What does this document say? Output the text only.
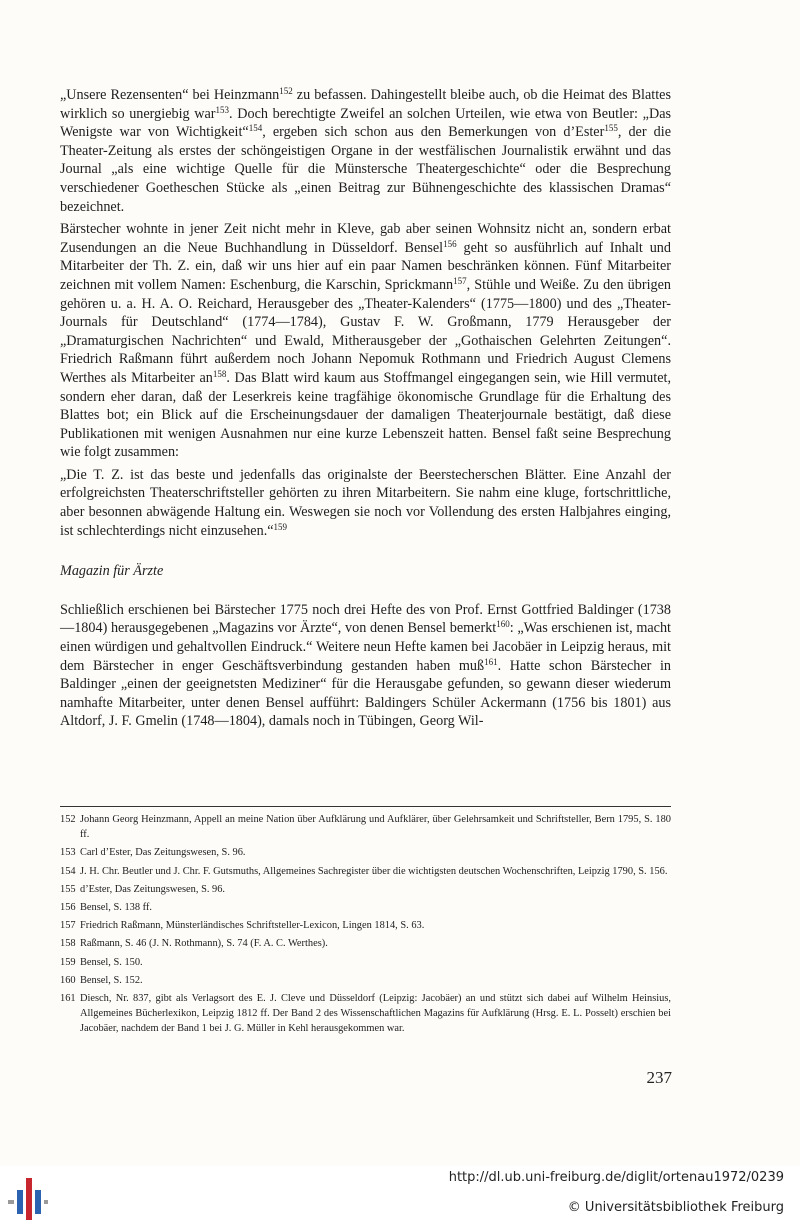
„Unsere Rezensenten“ bei Heinzmann$^{152}$ zu befassen. Dahingestellt bleibe auch, ob die Heimat des Blattes wirklich so unergiebig war$^{153}$. Doch berechtigte Zweifel an solchen Urteilen, wie etwa von Beutler: „Das Wenigste war von Wichtigkeit“$^{154}$, ergeben sich schon aus den Bemerkungen von d’Ester$^{155}$, der die Theater-Zeitung als erstes der schöngeistigen Organe in der westfälischen Journalistik erwähnt und das Journal „als eine wichtige Quelle für die Münstersche Theatergeschichte“ oder die Besprechung verschiedener Goetheschen Stücke als „einen Beitrag zur Bühnengeschichte des klassischen Dramas“ bezeichnet.

Bärstecher wohnte in jener Zeit nicht mehr in Kleve, gab aber seinen Wohnsitz nicht an, sondern erbat Zusendungen an die Neue Buchhandlung in Düsseldorf. Bensel$^{156}$ geht so ausführlich auf Inhalt und Mitarbeiter der Th. Z. ein, daß wir uns hier auf ein paar Namen beschränken können. Fünf Mitarbeiter zeichnen mit vollem Namen: Eschenburg, die Karschin, Sprickmann$^{157}$, Stühle und Weiße. Zu den übrigen gehören u. a. H. A. O. Reichard, Herausgeber des „Theater-Kalenders“ (1775—1800) und des „Theater-Journals für Deutschland“ (1774—1784), Gustav F. W. Großmann, 1779 Herausgeber der „Dramaturgischen Nachrichten“ und Ewald, Mitherausgeber der „Gothaischen Gelehrten Zeitungen“. Friedrich Raßmann führt außerdem noch Johann Nepomuk Rothmann und Friedrich August Clemens Werthes als Mitarbeiter $an^{158}$. Das Blatt wird kaum aus Stoffmangel eingegangen sein, wie Hill vermutet, sondern eher daran, daß der Leserkreis keine tragfähige ökonomische Grundlage für die Erhaltung des Blattes bot; ein Blick auf die Erscheinungsdauer der damaligen Theaterjournale bestätigt, daß diese Publikationen mit wenigen Ausnahmen nur eine kurze Lebenszeit hatten. Bensel faßt seine Besprechung wie folgt zusammen:

„Die T. Z. ist das beste und jedenfalls das originalste der Beerstecherschen Blätter. Eine Anzahl der erfolgreichsten Theaterschriftsteller gehörten zu ihren Mitarbeitern. Sie nahm eine kluge, fortschrittliche, aber besonnen abwägende Haltung ein. Weswegen sie noch vor Vollendung des ersten Halbjahres einging, ist schlechterdings nicht einzusehen.“$^{159}$

Magazin für Ärzte

Schließlich erschienen bei Bärstecher 1775 noch drei Hefte des von Prof. Ernst Gottfried Baldinger (1738—1804) herausgegebenen „Magazins vor Ärzte“, von denen Bensel bemerkt$^{160}$: „Was erschienen ist, macht einen würdigen und gehaltvollen Eindruck.“ Weitere neun Hefte kamen bei Jacobäer in Leipzig heraus, mit dem Bärstecher in enger Geschäftsverbindung gestanden haben muß$^{161}$. Hatte schon Bärstecher in Baldinger „einen der geeignetsten Mediziner“ für die Herausgabe gefunden, so gewann dieser wiederum namhafte Mitarbeiter, unter denen Bensel aufführt: Baldingers Schüler Ackermann (1756 bis 1801) aus Altdorf, J. F. Gmelin (1748—1804), damals noch in Tübingen, Georg Wil-

152 Johann Georg Heinzmann, Appell an meine Nation über Aufklärung und Aufklärer, über Gelehrsamkeit und Schriftsteller, Bern 1795, S. 180 ff.
153 Carl d’Ester, Das Zeitungswesen, S. 96.
154 J. H. Chr. Beutler und J. Chr. F. Gutsmuths, Allgemeines Sachregister über die wichtigsten deutschen Wochenschriften, Leipzig 1790, S. 156.
155 d’Ester, Das Zeitungswesen, S. 96.
156 Bensel, S. 138 ff.
157 Friedrich Raßmann, Münsterländisches Schriftsteller-Lexicon, Lingen 1814, S. 63.
158 Raßmann, S. 46 (J. N. Rothmann), S. 74 (F. A. C. Werthes).
159 Bensel, S. 150.
160 Bensel, S. 152.
161 Diesch, Nr. 837, gibt als Verlagsort des E. J. Cleve und Düsseldorf (Leipzig: Jacobäer) an und stützt sich dabei auf Wilhelm Heinsius, Allgemeines Bücherlexikon, Leipzig 1812 ff. Der Band 2 des Wissenschaftlichen Magazins für Aufklärung (Hrsg. E. L. Posselt) erschien bei Jacobäer, nachdem der Band 1 bei J. G. Müller in Kehl herausgekommen war.
237
http://dl.ub.uni-freiburg.de/diglit/ortenau1972/0239
© Universitätsbibliothek Freiburg
